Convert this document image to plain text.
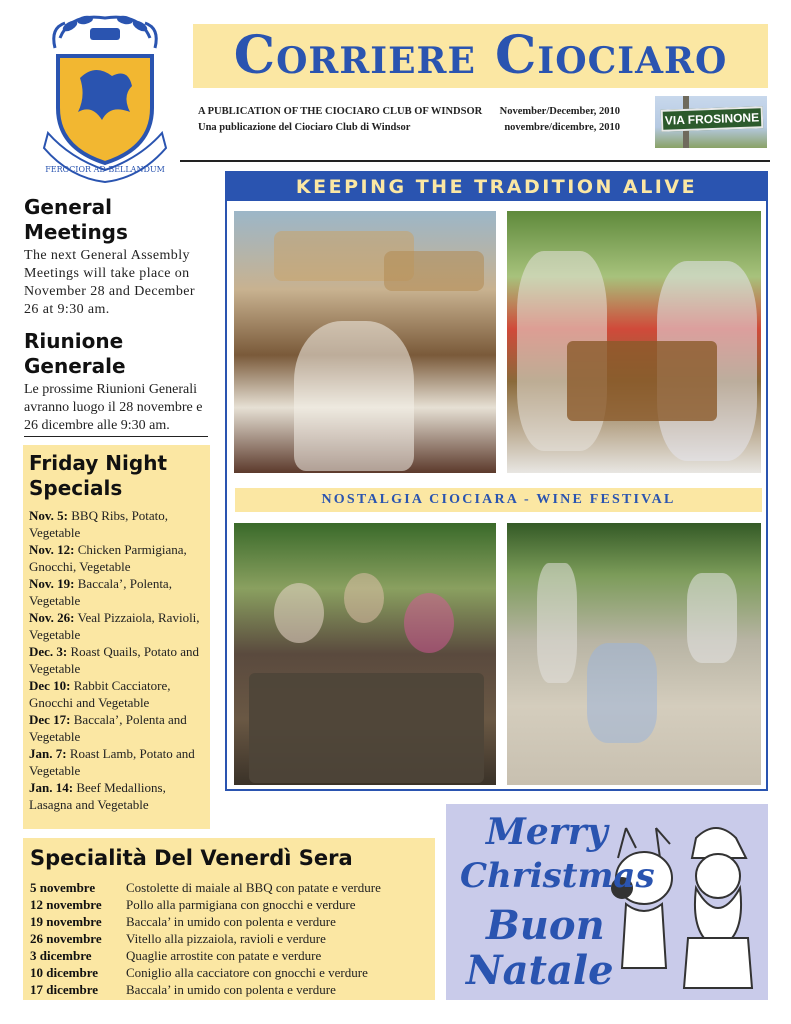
FEROCIOR AD BELLANDUM
Corriere Ciociaro
A PUBLICATION OF THE CIOCIARO CLUB OF WINDSOR November/December, 2010
Una publicazione del Ciociaro Club di Windsor	novembre/dicembre, 2010	VIA FROSINONE
General Meetings
The next General Assembly Meetings will take place on November 28 and December 26 at 9:30 am.
Riunione Generale
Le prossime Riunioni Generali avranno luogo il 28 novembre e 26 dicembre alle 9:30 am.
Friday Night Specials
Nov. 5: BBQ Ribs, Potato, Vegetable
Nov. 12: Chicken Parmigiana, Gnocchi, Vegetable
Nov. 19: Baccala’, Polenta, Vegetable
Nov. 26: Veal Pizzaiola, Ravioli, Vegetable
Dec. 3: Roast Quails, Potato and Vegetable
Dec 10: Rabbit Cacciatore, Gnocchi and Vegetable
Dec 17: Baccala’, Polenta and Vegetable
Jan. 7: Roast Lamb, Potato and Vegetable
Jan. 14: Beef Medallions, Lasagna and Vegetable
KEEPING THE TRADITION ALIVE
NOSTALGIA CIOCIARA - WINE FESTIVAL
Specialità Del Venerdì Sera
5 novembre	Costolette di maiale al BBQ con patate e verdure
12 novembre	Pollo alla parmigiana con gnocchi e verdure
19 novembre	Baccala’ in umido con polenta e verdure
26 novembre	Vitello alla pizzaiola, ravioli e verdure
3 dicembre	Quaglie arrostite con patate e verdure
10 dicembre	Coniglio alla cacciatore con gnocchi e verdure
17 dicembre	Baccala’ in umido con polenta e verdure
Merry
Christmas
Buon
Natale
